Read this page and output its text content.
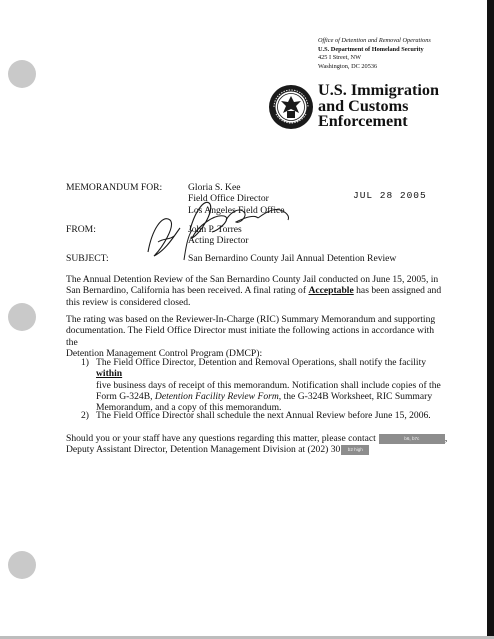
Office of Detention and Removal Operations
U.S. Department of Homeland Security
425 I Street, NW
Washington, DC 20536
U.S. Immigration
and Customs
Enforcement
MEMORANDUM FOR:	Gloria S. Kee
Field Office Director
Los Angeles Field Office
JUL 28 2005
FROM:	John P. Torres
Acting Director
SUBJECT:	San Bernardino County Jail Annual Detention Review

The Annual Detention Review of the San Bernardino County Jail conducted on June 15, 2005, in

San Bernardino, California has been received. A final rating of Acceptable has been assigned and

this review is considered closed.

The rating was based on the Reviewer-In-Charge (RIC) Summary Memorandum and supporting

documentation. The Field Office Director must initiate the following actions in accordance with the

Detention Management Control Program (DMCP):

1) The Field Office Director, Detention and Removal Operations, shall notify the facility within
five business days of receipt of this memorandum. Notification shall include copies of the
Form G-324B, Detention Facility Review Form, the G-324B Worksheet, RIC Summary
Memorandum, and a copy of this memorandum.
2) The Field Office Director shall schedule the next Annual Review before June 15, 2006.

Should you or your staff have any questions regarding this matter, please contact	b6, b7c	,

Deputy Assistant Director, Detention Management Division at (202) 30 b2 high
